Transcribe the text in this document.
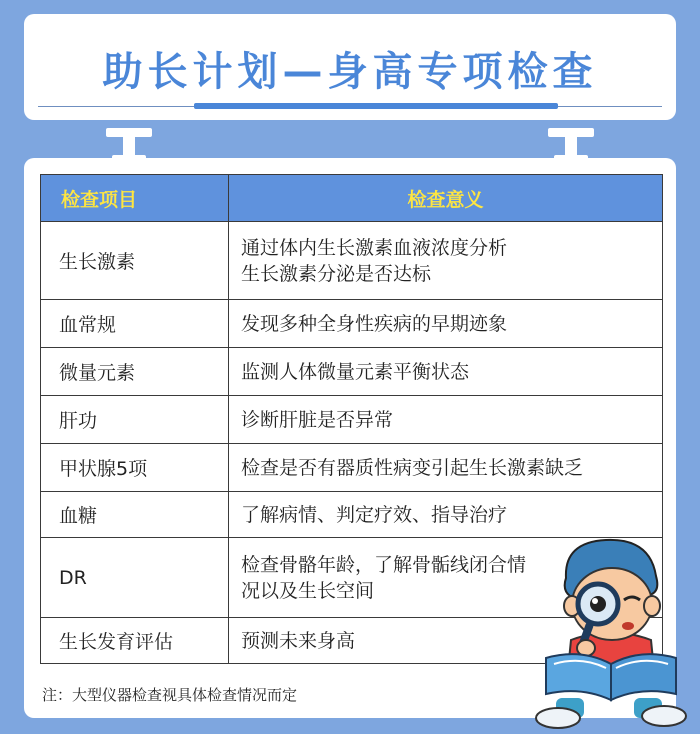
助长计划—身高专项检查
检查项目	检查意义
生长激素	通过体内生长激素血液浓度分析
生长激素分泌是否达标

血常规	发现多种全身性疾病的早期迹象

微量元素	监测人体微量元素平衡状态

肝功	诊断肝脏是否异常

甲状腺5项	检查是否有器质性病变引起生长激素缺乏

血糖	了解病情、判定疗效、指导治疗

DR	检查骨骼年龄，了解骨骺线闭合情
况以及生长空间

生长发育评估	预测未来身高
注：大型仪器检查视具体检查情况而定
